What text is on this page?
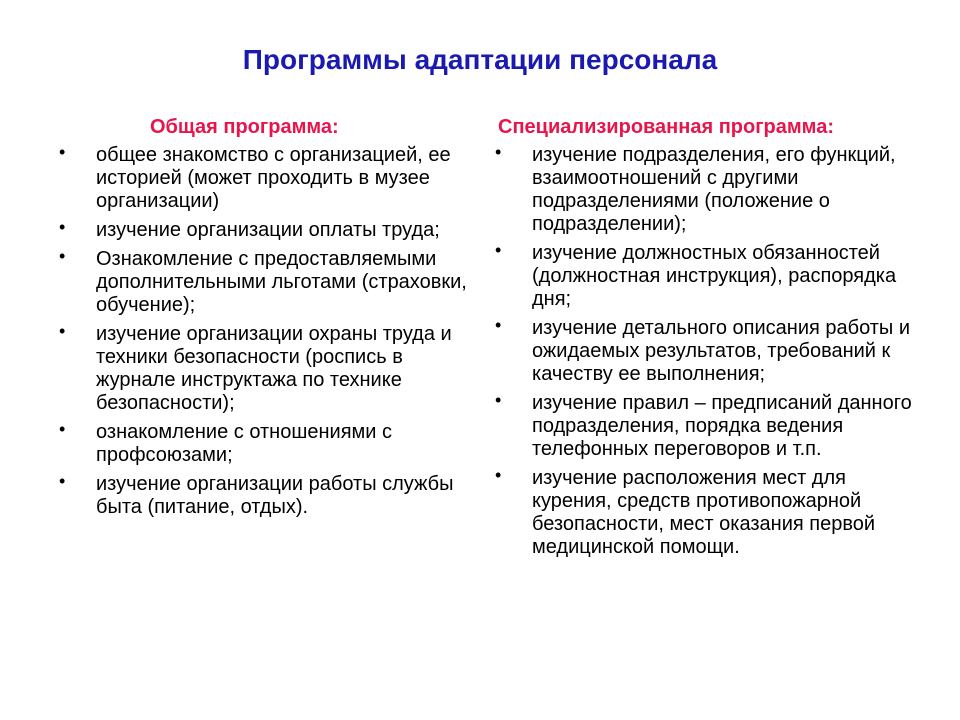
Программы адаптации персонала
Общая программа:
• общее знакомство с организацией, ее историей (может проходить в музее организации)
• изучение организации оплаты труда;
• Ознакомление с предоставляемыми дополнительными льготами (страховки, обучение);
• изучение организации охраны труда и техники безопасности (роспись в журнале инструктажа по технике безопасности);
• ознакомление с отношениями с профсоюзами;
• изучение организации работы службы быта (питание, отдых).
Специализированная программа:
• изучение подразделения, его функций, взаимоотношений с другими подразделениями (положение о подразделении);
• изучение должностных обязанностей (должностная инструкция), распорядка дня;
• изучение детального описания работы и ожидаемых результатов, требований к качеству ее выполнения;
• изучение правил – предписаний данного подразделения, порядка ведения телефонных переговоров и т.п.
• изучение расположения мест для курения, средств противопожарной безопасности, мест оказания первой медицинской помощи.
